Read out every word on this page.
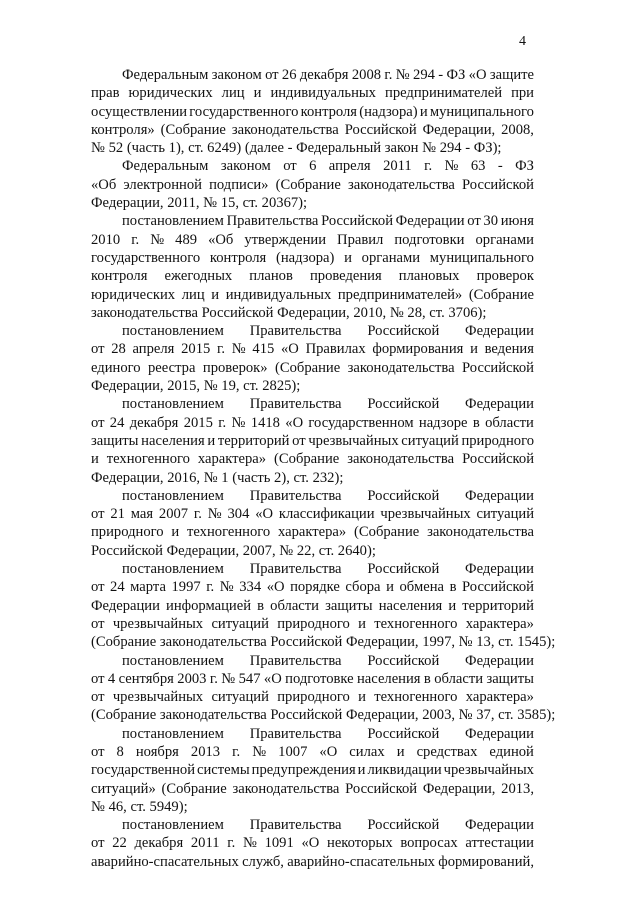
4
Федеральным законом от 26 декабря 2008 г. № 294 - ФЗ «О защите
прав юридических лиц и индивидуальных предпринимателей при
осуществлении государственного контроля (надзора) и муниципального
контроля» (Собрание законодательства Российской Федерации, 2008,
№ 52 (часть 1), ст. 6249) (далее - Федеральный закон № 294 - ФЗ);
Федеральным законом от 6 апреля 2011 г. № 63 - ФЗ
«Об электронной подписи» (Собрание законодательства Российской
Федерации, 2011, № 15, ст. 20367);
постановлением Правительства Российской Федерации от 30 июня
2010 г. № 489 «Об утверждении Правил подготовки органами
государственного контроля (надзора) и органами муниципального
контроля ежегодных планов проведения плановых проверок
юридических лиц и индивидуальных предпринимателей» (Собрание
законодательства Российской Федерации, 2010, № 28, ст. 3706);
постановлением Правительства Российской Федерации
от 28 апреля 2015 г. № 415 «О Правилах формирования и ведения
единого реестра проверок» (Собрание законодательства Российской
Федерации, 2015, № 19, ст. 2825);
постановлением Правительства Российской Федерации
от 24 декабря 2015 г. № 1418 «О государственном надзоре в области
защиты населения и территорий от чрезвычайных ситуаций природного
и техногенного характера» (Собрание законодательства Российской
Федерации, 2016, № 1 (часть 2), ст. 232);
постановлением Правительства Российской Федерации
от 21 мая 2007 г. № 304 «О классификации чрезвычайных ситуаций
природного и техногенного характера» (Собрание законодательства
Российской Федерации, 2007, № 22, ст. 2640);
постановлением Правительства Российской Федерации
от 24 марта 1997 г. № 334 «О порядке сбора и обмена в Российской
Федерации информацией в области защиты населения и территорий
от чрезвычайных ситуаций природного и техногенного характера»
(Собрание законодательства Российской Федерации, 1997, № 13, ст. 1545);
постановлением Правительства Российской Федерации
от 4 сентября 2003 г. № 547 «О подготовке населения в области защиты
от чрезвычайных ситуаций природного и техногенного характера»
(Собрание законодательства Российской Федерации, 2003, № 37, ст. 3585);
постановлением Правительства Российской Федерации
от 8 ноября 2013 г. № 1007 «О силах и средствах единой
государственной системы предупреждения и ликвидации чрезвычайных
ситуаций» (Собрание законодательства Российской Федерации, 2013,
№ 46, ст. 5949);
постановлением Правительства Российской Федерации
от 22 декабря 2011 г. № 1091 «О некоторых вопросах аттестации
аварийно-спасательных служб, аварийно-спасательных формирований,
